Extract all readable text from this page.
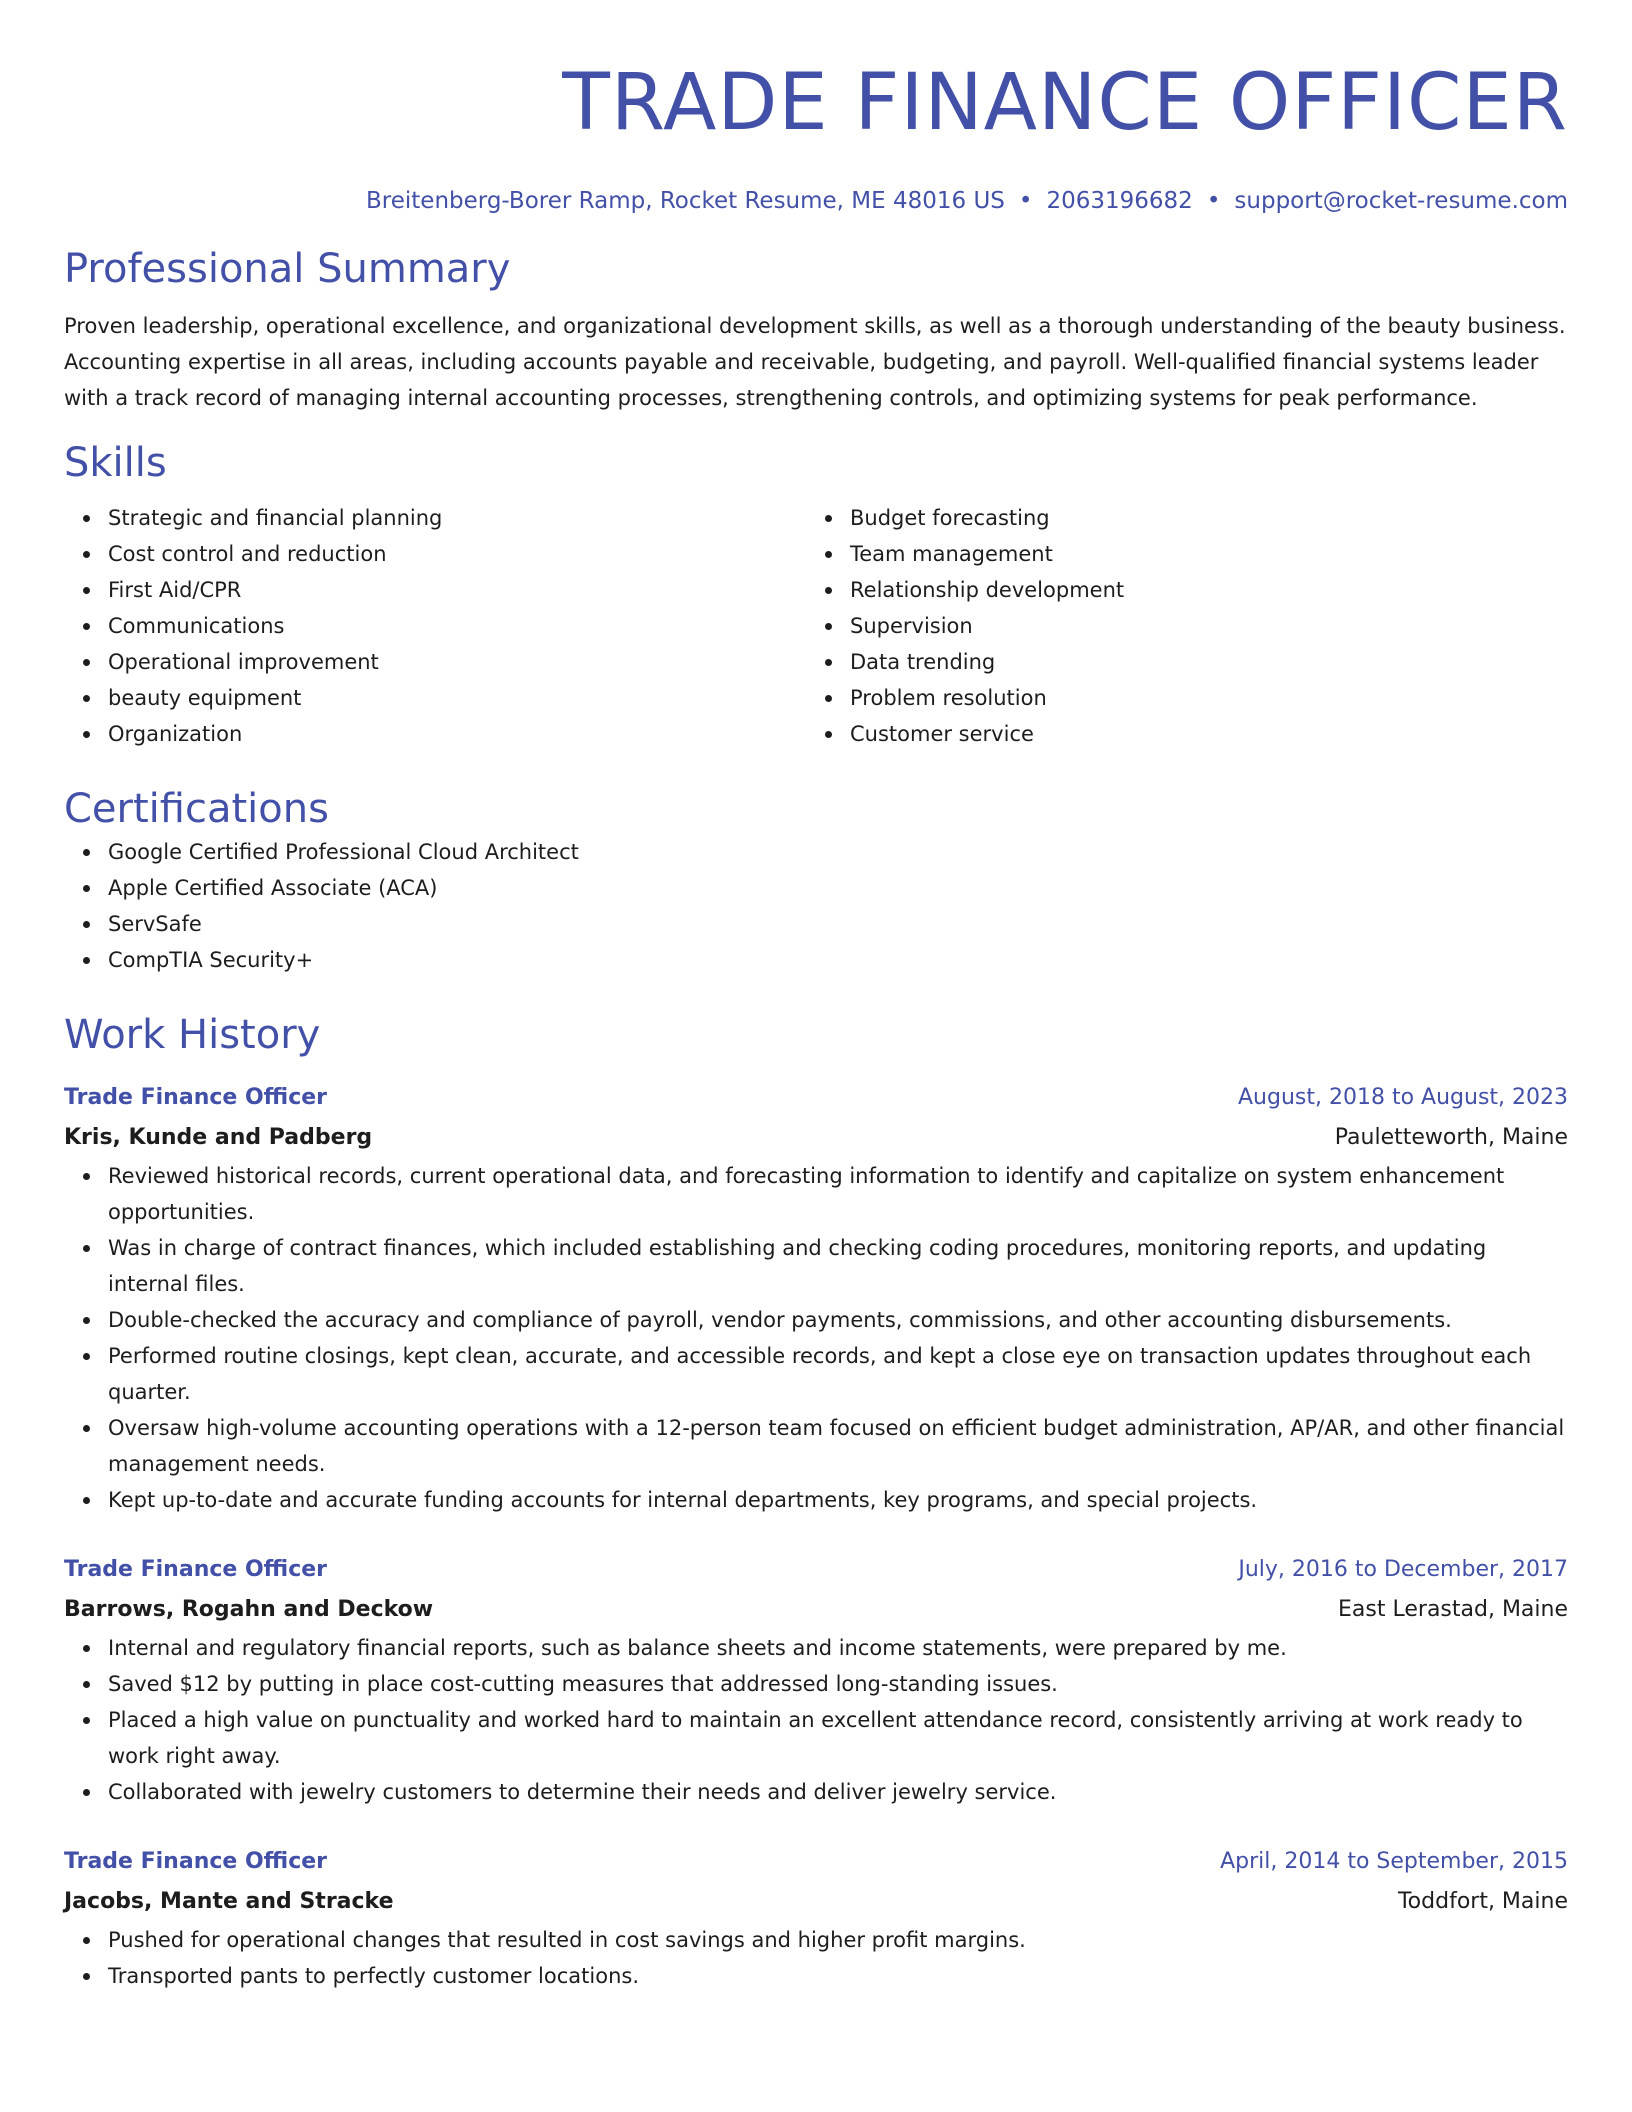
TRADE FINANCE OFFICER
Breitenberg-Borer Ramp, Rocket Resume, ME 48016 US • 2063196682 • support@rocket-resume.com
Professional Summary
Proven leadership, operational excellence, and organizational development skills, as well as a thorough understanding of the beauty business. Accounting expertise in all areas, including accounts payable and receivable, budgeting, and payroll. Well-qualified financial systems leader with a track record of managing internal accounting processes, strengthening controls, and optimizing systems for peak performance.
Skills
Strategic and financial planning
Cost control and reduction
First Aid/CPR
Communications
Operational improvement
beauty equipment
Organization
Budget forecasting
Team management
Relationship development
Supervision
Data trending
Problem resolution
Customer service
Certifications
Google Certified Professional Cloud Architect
Apple Certified Associate (ACA)
ServSafe
CompTIA Security+
Work History
Trade Finance Officer	August, 2018 to August, 2023
Kris, Kunde and Padberg	Pauletteworth, Maine
Reviewed historical records, current operational data, and forecasting information to identify and capitalize on system enhancement opportunities.
Was in charge of contract finances, which included establishing and checking coding procedures, monitoring reports, and updating internal files.
Double-checked the accuracy and compliance of payroll, vendor payments, commissions, and other accounting disbursements.
Performed routine closings, kept clean, accurate, and accessible records, and kept a close eye on transaction updates throughout each quarter.
Oversaw high-volume accounting operations with a 12-person team focused on efficient budget administration, AP/AR, and other financial management needs.
Kept up-to-date and accurate funding accounts for internal departments, key programs, and special projects.
Trade Finance Officer	July, 2016 to December, 2017
Barrows, Rogahn and Deckow	East Lerastad, Maine
Internal and regulatory financial reports, such as balance sheets and income statements, were prepared by me.
Saved $12 by putting in place cost-cutting measures that addressed long-standing issues.
Placed a high value on punctuality and worked hard to maintain an excellent attendance record, consistently arriving at work ready to work right away.
Collaborated with jewelry customers to determine their needs and deliver jewelry service.
Trade Finance Officer	April, 2014 to September, 2015
Jacobs, Mante and Stracke	Toddfort, Maine
Pushed for operational changes that resulted in cost savings and higher profit margins.
Transported pants to perfectly customer locations.
